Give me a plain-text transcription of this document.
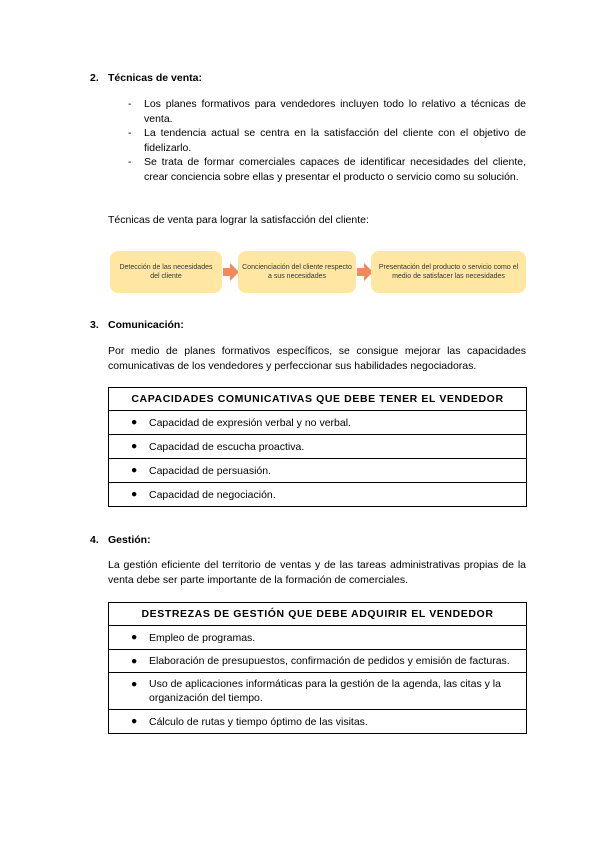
2. Técnicas de venta:
- Los planes formativos para vendedores incluyen todo lo relativo a técnicas de venta.
- La tendencia actual se centra en la satisfacción del cliente con el objetivo de fidelizarlo.
- Se trata de formar comerciales capaces de identificar necesidades del cliente, crear conciencia sobre ellas y presentar el producto o servicio como su solución.
Técnicas de venta para lograr la satisfacción del cliente:
Detección de las necesidades del cliente
Concienciación del cliente respecto a sus necesidades
Presentación del producto o servicio como el medio de satisfacer las necesidades
3. Comunicación:
Por medio de planes formativos específicos, se consigue mejorar las capacidades comunicativas de los vendedores y perfeccionar sus habilidades negociadoras.
CAPACIDADES COMUNICATIVAS QUE DEBE TENER EL VENDEDOR

● Capacidad de expresión verbal y no verbal.

● Capacidad de escucha proactiva.

● Capacidad de persuasión.

● Capacidad de negociación.
4. Gestión:
La gestión eficiente del territorio de ventas y de las tareas administrativas propias de la venta debe ser parte importante de la formación de comerciales.
DESTREZAS DE GESTIÓN QUE DEBE ADQUIRIR EL VENDEDOR

● Empleo de programas.

● Elaboración de presupuestos, confirmación de pedidos y emisión de facturas.

● Uso de aplicaciones informáticas para la gestión de la agenda, las citas y la organización del tiempo.

● Cálculo de rutas y tiempo óptimo de las visitas.
